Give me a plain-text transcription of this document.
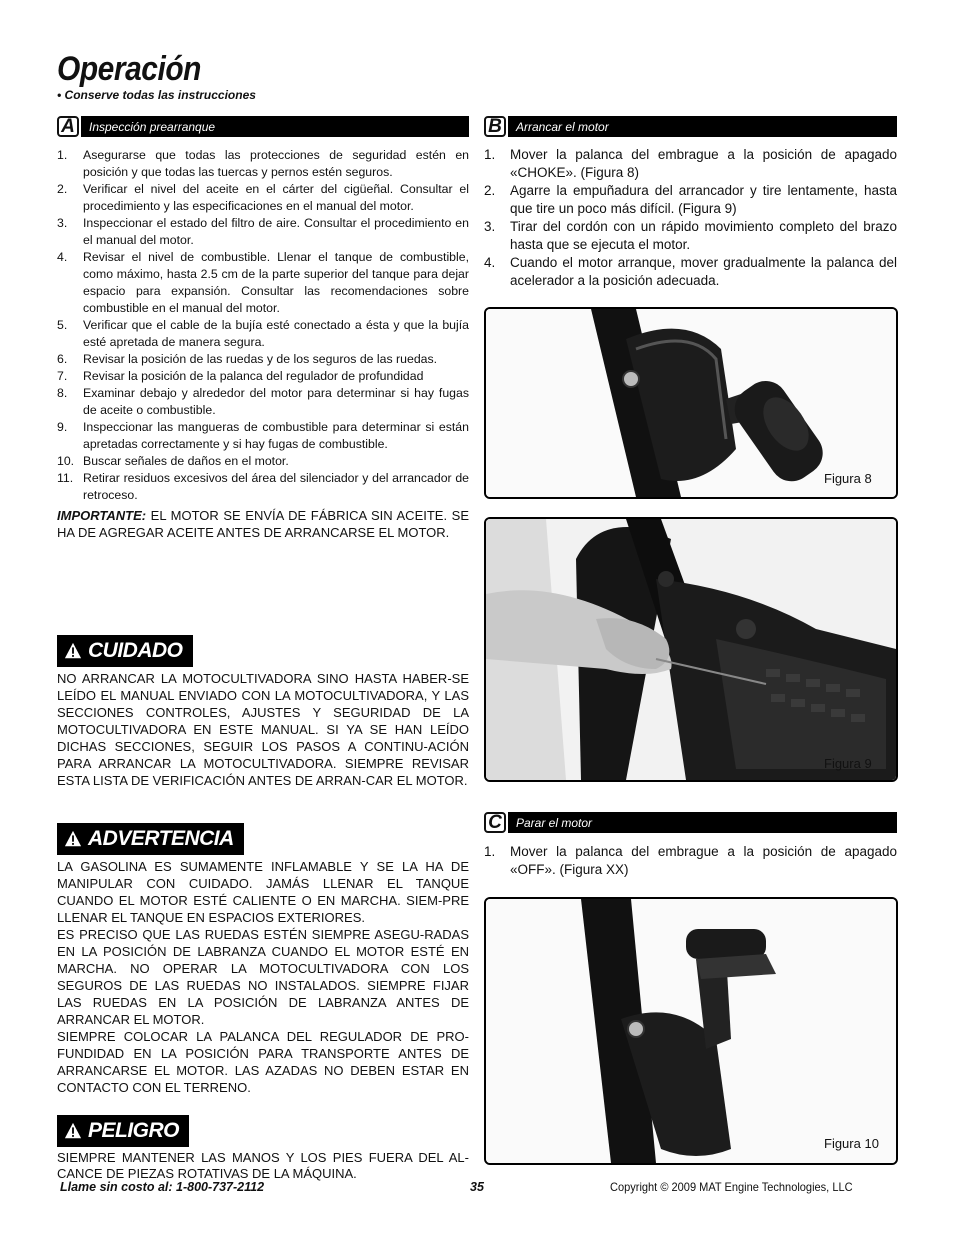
Operación
• Conserve todas las instrucciones
A	Inspección prearranque
1.	Asegurarse que todas las protecciones de seguridad estén en posición y que todas las tuercas y pernos estén seguros.
2.	Verificar el nivel del aceite en el cárter del cigüeñal. Consultar el procedimiento y las especificaciones en el manual del motor.
3.	Inspeccionar el estado del filtro de aire. Consultar el procedimiento en el manual del motor.
4.	Revisar el nivel de combustible. Llenar el tanque de combustible, como máximo, hasta 2.5 cm de la parte superior del tanque para dejar espacio para expansión. Consultar las recomendaciones sobre combustible en el manual del motor.
5.	Verificar que el cable de la bujía esté conectado a ésta y que la bujía esté apretada de manera segura.
6.	Revisar la posición de las ruedas y de los seguros de las ruedas.
7.	Revisar la posición de la palanca del regulador de profundidad
8.	Examinar debajo y alrededor del motor para determinar si hay fugas de aceite o combustible.
9.	Inspeccionar las mangueras de combustible para determinar si están apretadas correctamente y si hay fugas de combustible.
10. Buscar señales de daños en el motor.
11. Retirar residuos excesivos del área del silenciador y del arrancador de retroceso.
IMPORTANTE: EL MOTOR SE ENVÍA DE FÁBRICA SIN ACEITE. SE HA DE AGREGAR ACEITE ANTES DE ARRANCARSE EL MOTOR.
CUIDADO
NO ARRANCAR LA MOTOCULTIVADORA SINO HASTA HABER-SE LEÍDO EL MANUAL ENVIADO CON LA MOTOCULTIVADORA, Y LAS SECCIONES CONTROLES, AJUSTES Y SEGURIDAD DE LA MOTOCULTIVADORA EN ESTE MANUAL. SI YA SE HAN LEÍDO DICHAS SECCIONES, SEGUIR LOS PASOS A CONTINU-ACIÓN PARA ARRANCAR LA MOTOCULTIVADORA. SIEMPRE REVISAR ESTA LISTA DE VERIFICACIÓN ANTES DE ARRAN-CAR EL MOTOR.
ADVERTENCIA
LA GASOLINA ES SUMAMENTE INFLAMABLE Y SE LA HA DE MANIPULAR CON CUIDADO. JAMÁS LLENAR EL TANQUE CUANDO EL MOTOR ESTÉ CALIENTE O EN MARCHA. SIEM-PRE LLENAR EL TANQUE EN ESPACIOS EXTERIORES.
ES PRECISO QUE LAS RUEDAS ESTÉN SIEMPRE ASEGU-RADAS EN LA POSICIÓN DE LABRANZA CUANDO EL MOTOR ESTÉ EN MARCHA. NO OPERAR LA MOTOCULTIVADORA CON LOS SEGUROS DE LAS RUEDAS NO INSTALADOS. SIEMPRE FIJAR LAS RUEDAS EN LA POSICIÓN DE LABRANZA ANTES DE ARRANCAR EL MOTOR.
SIEMPRE COLOCAR LA PALANCA DEL REGULADOR DE PRO-FUNDIDAD EN LA POSICIÓN PARA TRANSPORTE ANTES DE ARRANCARSE EL MOTOR. LAS AZADAS NO DEBEN ESTAR EN CONTACTO CON EL TERRENO.
PELIGRO
SIEMPRE MANTENER LAS MANOS Y LOS PIES FUERA DEL AL-CANCE DE PIEZAS ROTATIVAS DE LA MÁQUINA.
B	Arrancar el motor
1.	Mover la palanca del embrague a la posición de apagado «CHOKE». (Figura 8)
2.	Agarre la empuñadura del arrancador y tire lentamente, hasta que tire un poco más difícil. (Figura 9)
3.	Tirar del cordón con un rápido movimiento completo del brazo hasta que se ejecuta el motor.
4.	Cuando el motor arranque, mover gradualmente la palanca del acelerador a la posición adecuada.
Figura 8
Figura 9
C	Parar el motor
1.	Mover la palanca del embrague a la posición de apagado «OFF». (Figura XX)
Figura 10
Llame sin costo al: 1-800-737-2112	35	Copyright © 2009 MAT Engine Technologies, LLC
